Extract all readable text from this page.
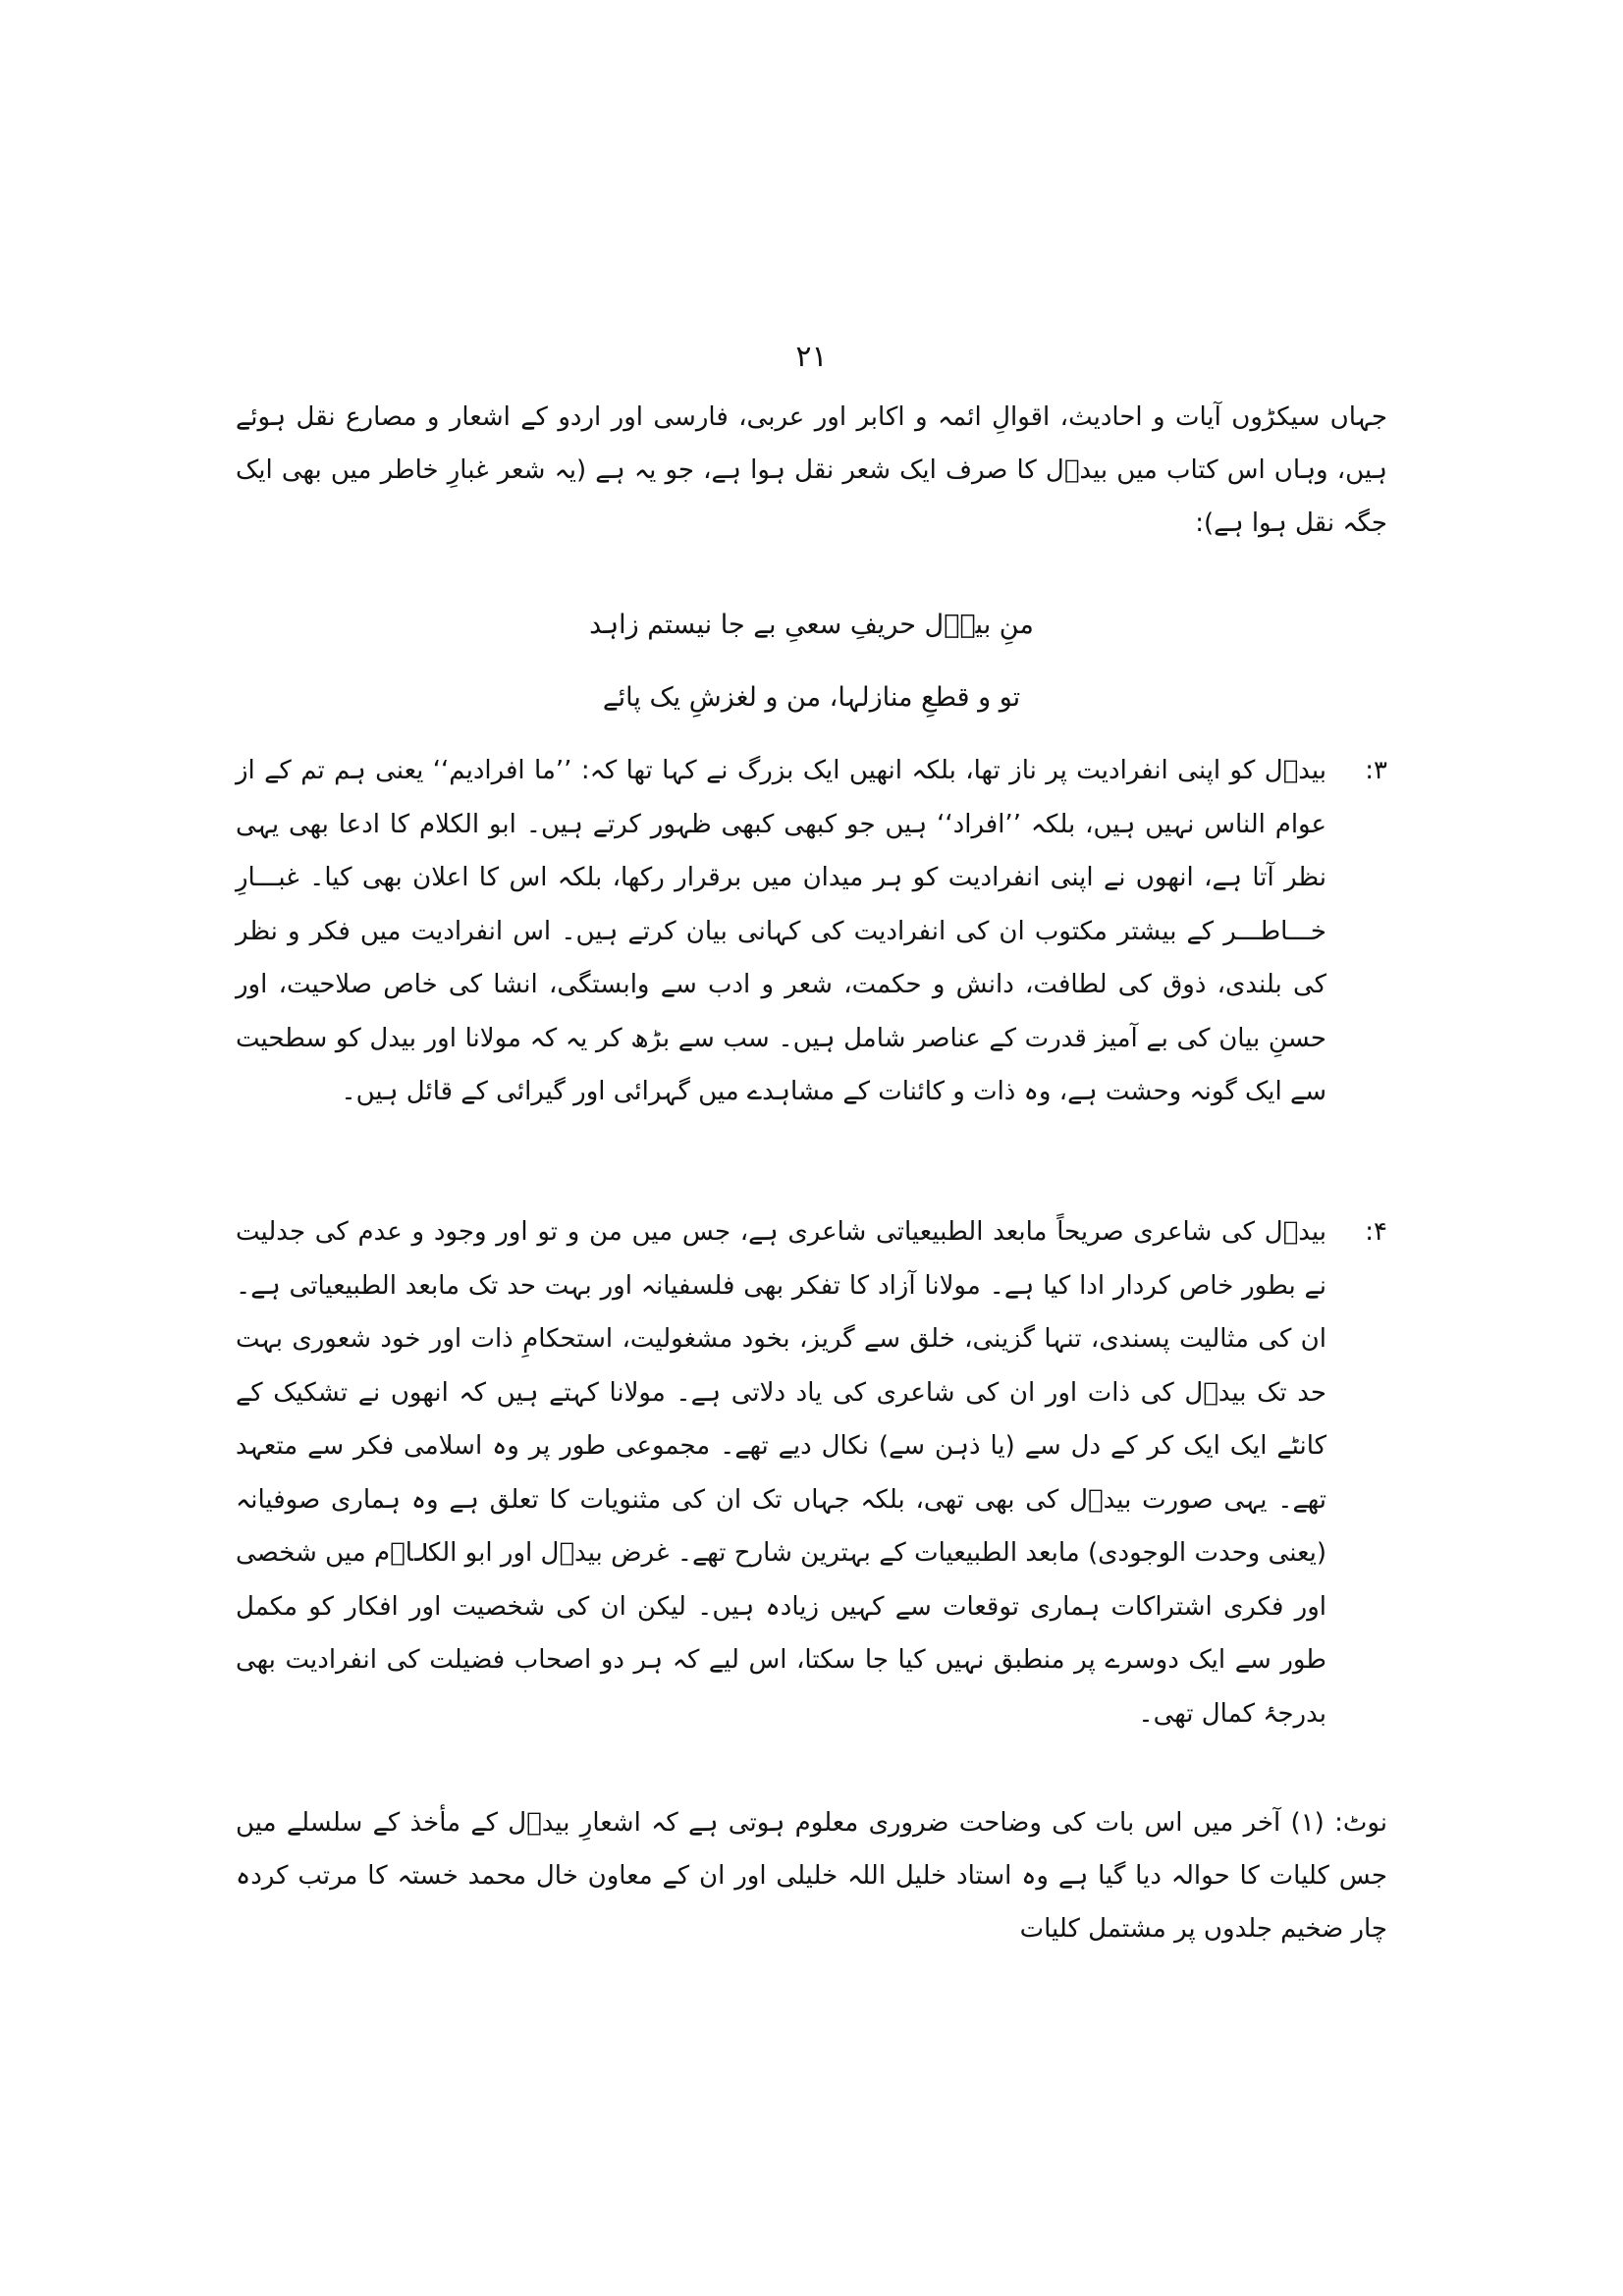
۲۱

جہاں سیکڑوں آیات و احادیث، اقوالِ ائمہ و اکابر اور عربی، فارسی اور اردو کے اشعار و مصارع نقل ہوئے ہیں، وہاں اس کتاب میں بیدؔل کا صرف ایک شعر نقل ہوا ہے، جو یہ ہے (یہ شعر غبارِ خاطر میں بھی ایک جگہ نقل ہوا ہے):

منِ بیدؔل حریفِ سعیِ بے جا نیستم زاہد
تو و قطعِ منازلہا، من و لغزشِ یک پائے
۳:

بیدؔل کو اپنی انفرادیت پر ناز تھا، بلکہ انھیں ایک بزرگ نے کہا تھا کہ: ’’ما افرادیم‘‘ یعنی ہم تم کے از عوام الناس نہیں ہیں، بلکہ ’’افراد‘‘ ہیں جو کبھی کبھی ظہور کرتے ہیں۔ ابو الکلام کا ادعا بھی یہی نظر آتا ہے، انھوں نے اپنی انفرادیت کو ہر میدان میں برقرار رکھا، بلکہ اس کا اعلان بھی کیا۔ غبـــارِ خـــاطـــر کے بیشتر مکتوب ان کی انفرادیت کی کہانی بیان کرتے ہیں۔ اس انفرادیت میں فکر و نظر کی بلندی، ذوق کی لطافت، دانش و حکمت، شعر و ادب سے وابستگی، انشا کی خاص صلاحیت، اور حسنِ بیان کی بے آمیز قدرت کے عناصر شامل ہیں۔ سب سے بڑھ کر یہ کہ مولانا اور بیدل کو سطحیت سے ایک گونہ وحشت ہے، وہ ذات و کائنات کے مشاہدے میں گہرائی اور گیرائی کے قائل ہیں۔

۴:

بیدؔل کی شاعری صریحاً مابعد الطبیعیاتی شاعری ہے، جس میں من و تو اور وجود و عدم کی جدلیت نے بطور خاص کردار ادا کیا ہے۔ مولانا آزاد کا تفکر بھی فلسفیانہ اور بہت حد تک مابعد الطبیعیاتی ہے۔ ان کی مثالیت پسندی، تنہا گزینی، خلق سے گریز، بخود مشغولیت، استحکامِ ذات اور خود شعوری بہت حد تک بیدؔل کی ذات اور ان کی شاعری کی یاد دلاتی ہے۔ مولانا کہتے ہیں کہ انھوں نے تشکیک کے کانٹے ایک ایک کر کے دل سے (یا ذہن سے) نکال دیے تھے۔ مجموعی طور پر وہ اسلامی فکر سے متعہد تھے۔ یہی صورت بیدؔل کی بھی تھی، بلکہ جہاں تک ان کی مثنویات کا تعلق ہے وہ ہماری صوفیانہ (یعنی وحدت الوجودی) مابعد الطبیعیات کے بہترین شارح تھے۔ غرض بیدؔل اور ابو الکلاؔم میں شخصی اور فکری اشتراکات ہماری توقعات سے کہیں زیادہ ہیں۔ لیکن ان کی شخصیت اور افکار کو مکمل طور سے ایک دوسرے پر منطبق نہیں کیا جا سکتا، اس لیے کہ ہر دو اصحاب فضیلت کی انفرادیت بھی بدرجۂ کمال تھی۔

نوٹ: (۱) آخر میں اس بات کی وضاحت ضروری معلوم ہوتی ہے کہ اشعارِ بیدؔل کے مأخذ کے سلسلے میں جس کلیات کا حوالہ دیا گیا ہے وہ استاد خلیل اللہ خلیلی اور ان کے معاون خال محمد خستہ کا مرتب کردہ چار ضخیم جلدوں پر مشتمل کلیات
